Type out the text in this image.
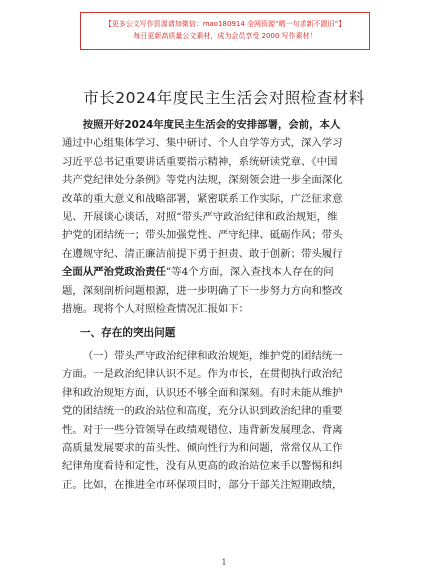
【更多公文写作资源请加微信：mao180914 全网资源“晒一句求新不跟旧”】
每日更新高质量公文素材，成为会员享受 2000 写作素材！
市长2024年度民主生活会对照检查材料

按照开好2024年度民主生活会的安排部署，会前，本人

通过中心组集体学习、集中研讨、个人自学等方式，深入学习

习近平总书记重要讲话重要指示精神，系统研读党章、《中国

共产党纪律处分条例》等党内法规，深刻领会进一步全面深化

改革的重大意义和战略部署，紧密联系工作实际，广泛征求意

见、开展谈心谈话，对照“带头严守政治纪律和政治规矩，维

护党的团结统一；带头加强党性、严守纪律、砥砺作风；带头

在遵规守纪、清正廉洁前提下勇于担责、敢于创新；带头履行

全面从严治党政治责任”等4个方面，深入查找本人存在的问

题，深刻剖析问题根源，进一步明确了下一步努力方向和整改

措施。现将个人对照检查情况汇报如下：

一、存在的突出问题

（一）带头严守政治纪律和政治规矩，维护党的团结统一

方面。一是政治纪律认识不足。作为市长，在贯彻执行政治纪

律和政治规矩方面，认识还不够全面和深刻。有时未能从维护

党的团结统一的政治站位和高度，充分认识到政治纪律的重要

性。对于一些分管领导在政绩观错位、违背新发展理念、背离

高质量发展要求的苗头性、倾向性行为和问题，常常仅从工作

纪律角度看待和定性，没有从更高的政治站位来手以警惕和纠

正。比如，在推进全市环保项目时，部分干部关注短期政绩，

1
